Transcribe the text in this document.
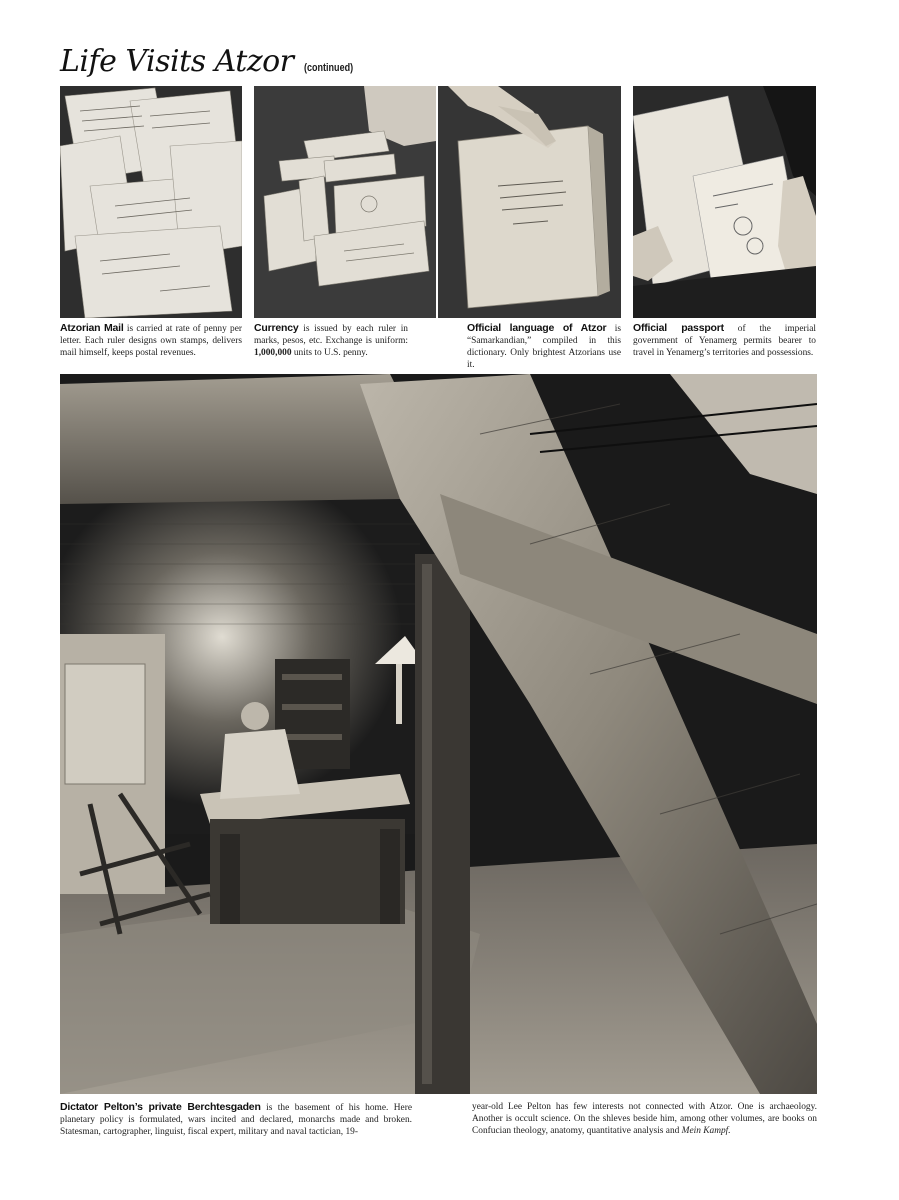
Life Visits Atzor (continued)
Atzorian Mail is carried at rate of penny per letter. Each ruler designs own stamps, delivers mail himself, keeps postal revenues.
Currency is issued by each ruler in marks, pesos, etc. Exchange is uniform: 1,000,000 units to U.S. penny.
Official language of Atzor is “Samarkandian,” compiled in this dictionary. Only brightest Atzorians use it.
Official passport of the imperial government of Yenamerg permits bearer to travel in Yenamerg’s territories and possessions.
Dictator Pelton’s private Berchtesgaden is the basement of his home. Here planetary policy is formulated, wars incited and declared, monarchs made and broken. Statesman, cartographer, linguist, fiscal expert, military and naval tactician, 19-
year-old Lee Pelton has few interests not connected with Atzor. One is archaeology. Another is occult science. On the shleves beside him, among other volumes, are books on Confucian theology, anatomy, quantitative analysis and Mein Kampf.
